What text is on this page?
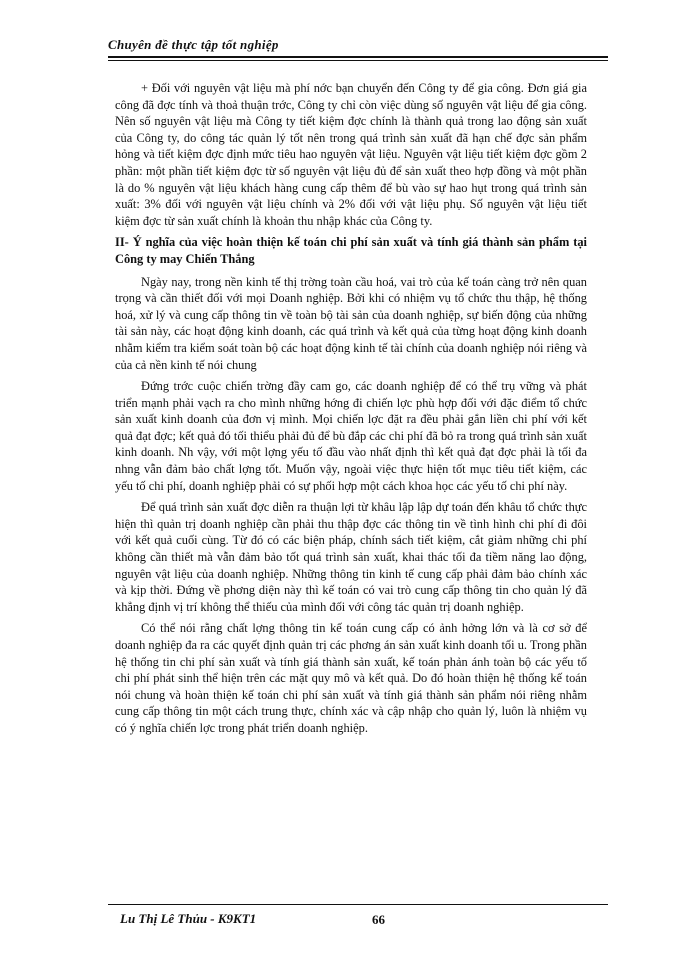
Chuyên đề thực tập tốt nghiệp

+ Đối với nguyên vật liệu mà phí nớc bạn chuyển đến Công ty để gia công. Đơn giá gia công đã đợc tính và thoả thuận trớc, Công ty chỉ còn việc dùng số nguyên vật liệu để gia công. Nên số nguyên vật liệu mà Công ty tiết kiệm đợc chính là thành quả trong lao động sản xuất của Công ty, do công tác quản lý tốt nên trong quá trình sản xuất đã hạn chế đợc sản phẩm hỏng và tiết kiệm đợc định mức tiêu hao nguyên vật liệu. Nguyên vật liệu tiết kiệm đợc gồm 2 phần: một phần tiết kiệm đợc từ số nguyên vật liệu đủ để sản xuất theo hợp đồng và một phần là do % nguyên vật liệu khách hàng cung cấp thêm để bù vào sự hao hụt trong quá trình sản xuất: 3% đối với nguyên vật liệu chính và 2% đối với vật liệu phụ. Số nguyên vật liệu tiết kiệm đợc từ sản xuất chính là khoản thu nhập khác của Công ty.

II- Ý nghĩa của việc hoàn thiện kế toán chi phí sản xuất và tính giá thành sản phẩm tại Công ty may Chiến Thắng

Ngày nay, trong nền kinh tế thị trờng toàn cầu hoá, vai trò của kế toán càng trở nên quan trọng và cần thiết đối với mọi Doanh nghiệp. Bởi khi có nhiệm vụ tổ chức thu thập, hệ thống hoá, xử lý và cung cấp thông tin về toàn bộ tài sản của doanh nghiệp, sự biến động của những tài sản này, các hoạt động kinh doanh, các quá trình và kết quả của từng hoạt động kinh doanh nhằm kiểm tra kiểm soát toàn bộ các hoạt động kinh tế tài chính của doanh nghiệp nói riêng và của cả nền kinh tế nói chung

Đứng trớc cuộc chiến trờng đầy cam go, các doanh nghiệp để có thể trụ vững và phát triển mạnh phải vạch ra cho mình những hớng đi chiến lợc phù hợp đối với đặc điểm tổ chức sản xuất kinh doanh của đơn vị mình. Mọi chiến lợc đặt ra đều phải gắn liền chi phí với kết quả đạt đợc; kết quả đó tối thiểu phải đủ để bù đắp các chi phí đã bỏ ra trong quá trình sản xuất kinh doanh. Nh vậy, với một lợng yếu tố đầu vào nhất định thì kết quả đạt đợc phải là tối đa nhng vẫn đảm bảo chất lợng tốt. Muốn vậy, ngoài việc thực hiện tốt mục tiêu tiết kiệm, các yếu tố chi phí, doanh nghiệp phải có sự phối hợp một cách khoa học các yếu tố chi phí này.

Để quá trình sản xuất đợc diễn ra thuận lợi từ khâu lập lập dự toán đến khâu tổ chức thực hiện thì quản trị doanh nghiệp cần phải thu thập đợc các thông tin về tình hình chi phí đi đôi với kết quả cuối cùng. Từ đó có các biện pháp, chính sách tiết kiệm, cắt giảm những chi phí không cần thiết mà vẫn đảm bảo tốt quá trình sản xuất, khai thác tối đa tiềm năng lao động, nguyên vật liệu của doanh nghiệp. Những thông tin kinh tế cung cấp phải đảm bảo chính xác và kịp thời. Đứng về phơng diện này thì kế toán có vai trò cung cấp thông tin cho quản lý đã khẳng định vị trí không thể thiếu của mình đối với công tác quản trị doanh nghiệp.

Có thể nói rằng chất lợng thông tin kế toán cung cấp có ảnh hởng lớn và là cơ sở để doanh nghiệp đa ra các quyết định quản trị các phơng án sản xuất kinh doanh tối u. Trong phần hệ thống tin chi phí sản xuất và tính giá thành sản xuất, kế toán phản ánh toàn bộ các yếu tố chi phí phát sinh thể hiện trên các mặt quy mô và kết quả. Do đó hoàn thiện hệ thống kế toán nói chung và hoàn thiện kế toán chi phí sản xuất và tính giá thành sản phẩm nói riêng nhằm cung cấp thông tin một cách trung thực, chính xác và cập nhập cho quản lý, luôn là nhiệm vụ có ý nghĩa chiến lợc trong phát triển doanh nghiệp.

Lu Thị Lê Thủu - K9KT1	66
